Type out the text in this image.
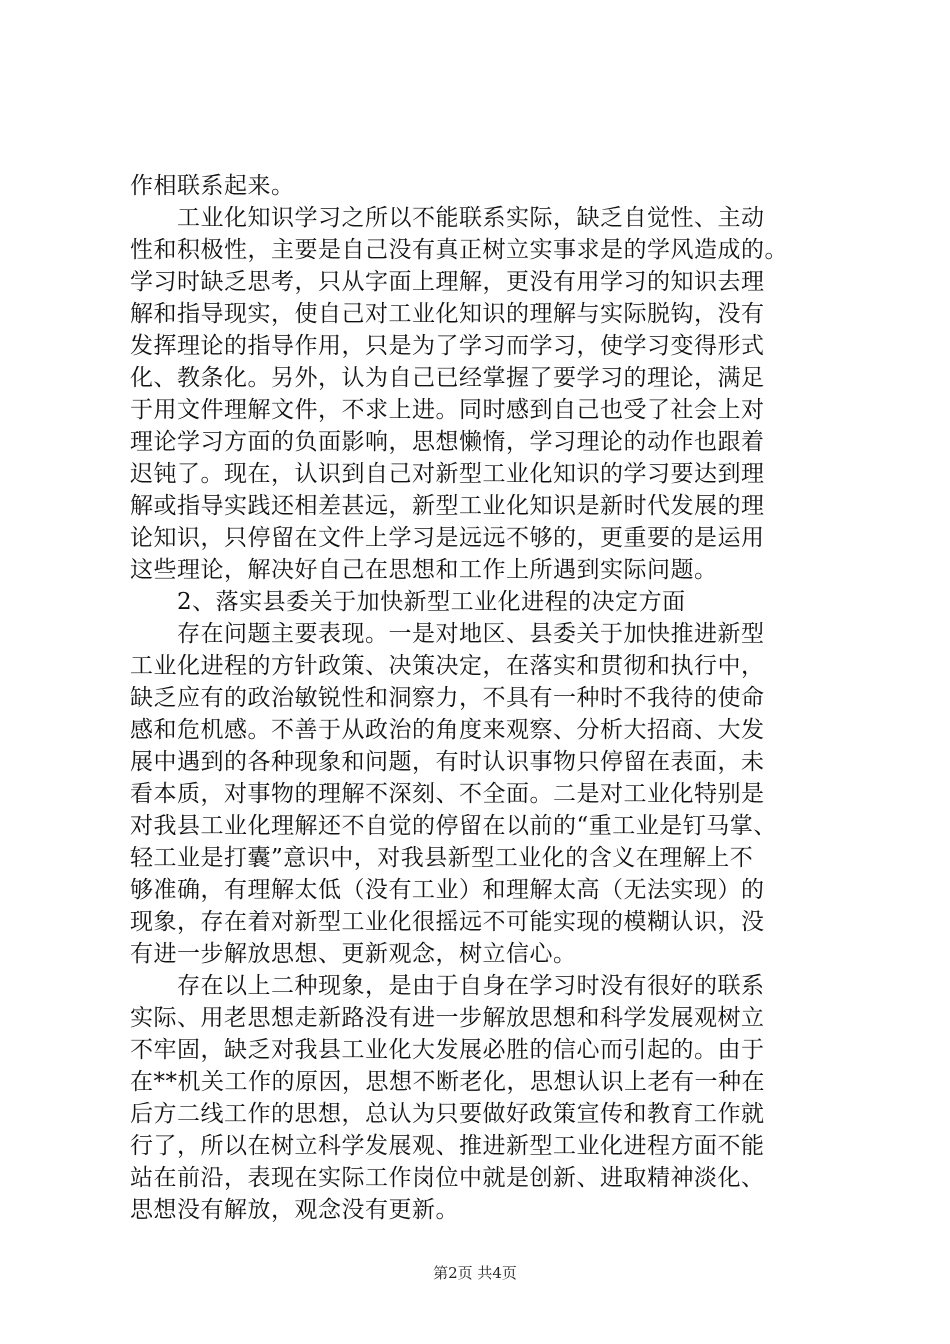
作相联系起来。
　　工业化知识学习之所以不能联系实际，缺乏自觉性、主动
性和积极性，主要是自己没有真正树立实事求是的学风造成的。
学习时缺乏思考，只从字面上理解，更没有用学习的知识去理
解和指导现实，使自己对工业化知识的理解与实际脱钩，没有
发挥理论的指导作用，只是为了学习而学习，使学习变得形式
化、教条化。另外，认为自己已经掌握了要学习的理论，满足
于用文件理解文件，不求上进。同时感到自己也受了社会上对
理论学习方面的负面影响，思想懒惰，学习理论的动作也跟着
迟钝了。现在，认识到自己对新型工业化知识的学习要达到理
解或指导实践还相差甚远，新型工业化知识是新时代发展的理
论知识，只停留在文件上学习是远远不够的，更重要的是运用
这些理论，解决好自己在思想和工作上所遇到实际问题。
　　2、落实县委关于加快新型工业化进程的决定方面
　　存在问题主要表现。一是对地区、县委关于加快推进新型
工业化进程的方针政策、决策决定，在落实和贯彻和执行中，
缺乏应有的政治敏锐性和洞察力，不具有一种时不我待的使命
感和危机感。不善于从政治的角度来观察、分析大招商、大发
展中遇到的各种现象和问题，有时认识事物只停留在表面，未
看本质，对事物的理解不深刻、不全面。二是对工业化特别是
对我县工业化理解还不自觉的停留在以前的“重工业是钉马掌、
轻工业是打囊”意识中，对我县新型工业化的含义在理解上不
够准确，有理解太低（没有工业）和理解太高（无法实现）的
现象，存在着对新型工业化很摇远不可能实现的模糊认识，没
有进一步解放思想、更新观念，树立信心。
　　存在以上二种现象，是由于自身在学习时没有很好的联系
实际、用老思想走新路没有进一步解放思想和科学发展观树立
不牢固，缺乏对我县工业化大发展必胜的信心而引起的。由于
在**机关工作的原因，思想不断老化，思想认识上老有一种在
后方二线工作的思想，总认为只要做好政策宣传和教育工作就
行了，所以在树立科学发展观、推进新型工业化进程方面不能
站在前沿，表现在实际工作岗位中就是创新、进取精神淡化、
思想没有解放，观念没有更新。
第2页 共4页
